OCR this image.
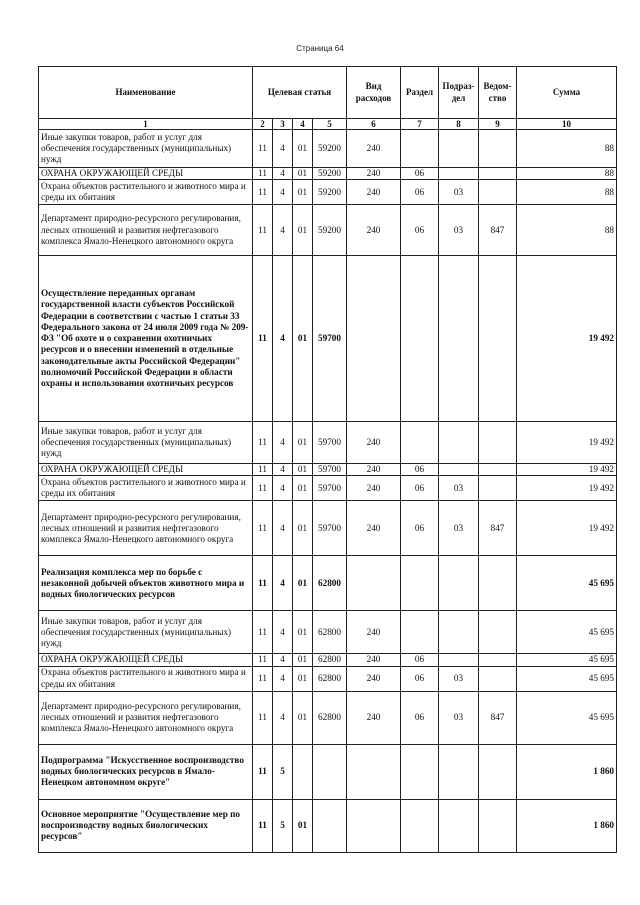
Страница 64
Наименование	Целевая статья				Вид расходов	Раздел	Подраз- дел	Ведом- ство	Сумма
1	2	3	4	5	6	7	8	9	10
Иные закупки товаров, работ и услуг для обеспечения государственных (муниципальных) нужд	11	4	01	59200	240				88
ОХРАНА ОКРУЖАЮЩЕЙ СРЕДЫ	11	4	01	59200	240	06			88
Охрана объектов растительного и животного мира и среды их обитания	11	4	01	59200	240	06	03		88
Департамент природно-ресурсного регулирования, лесных отношений и развития нефтегазового комплекса Ямало-Ненецкого автономного округа	11	4	01	59200	240	06	03	847	88
Осуществление переданных органам государственной власти субъектов Российской Федерации в соответствии с частью 1 статьи 33 Федерального закона от 24 июля 2009 года № 209-ФЗ "Об охоте и о сохранении охотничьих ресурсов и о внесении изменений в отдельные законодательные акты Российской Федерации" полномочий Российской Федерации в области охраны и использования охотничьих ресурсов	11	4	01	59700					19 492
Иные закупки товаров, работ и услуг для обеспечения государственных (муниципальных) нужд	11	4	01	59700	240				19 492
ОХРАНА ОКРУЖАЮЩЕЙ СРЕДЫ	11	4	01	59700	240	06			19 492
Охрана объектов растительного и животного мира и среды их обитания	11	4	01	59700	240	06	03		19 492
Департамент природно-ресурсного регулирования, лесных отношений и развития нефтегазового комплекса Ямало-Ненецкого автономного округа	11	4	01	59700	240	06	03	847	19 492
Реализация комплекса мер по борьбе с незаконной добычей объектов животного мира и водных биологических ресурсов	11	4	01	62800					45 695
Иные закупки товаров, работ и услуг для обеспечения государственных (муниципальных) нужд	11	4	01	62800	240				45 695
ОХРАНА ОКРУЖАЮЩЕЙ СРЕДЫ	11	4	01	62800	240	06			45 695
Охрана объектов растительного и животного мира и среды их обитания	11	4	01	62800	240	06	03		45 695
Департамент природно-ресурсного регулирования, лесных отношений и развития нефтегазового комплекса Ямало-Ненецкого автономного округа	11	4	01	62800	240	06	03	847	45 695
Подпрограмма "Искусственное воспроизводство водных биологических ресурсов в Ямало-Ненецком автономном округе"	11	5							1 860
Основное мероприятие "Осуществление мер по воспроизводству водных биологических ресурсов"	11	5	01						1 860
